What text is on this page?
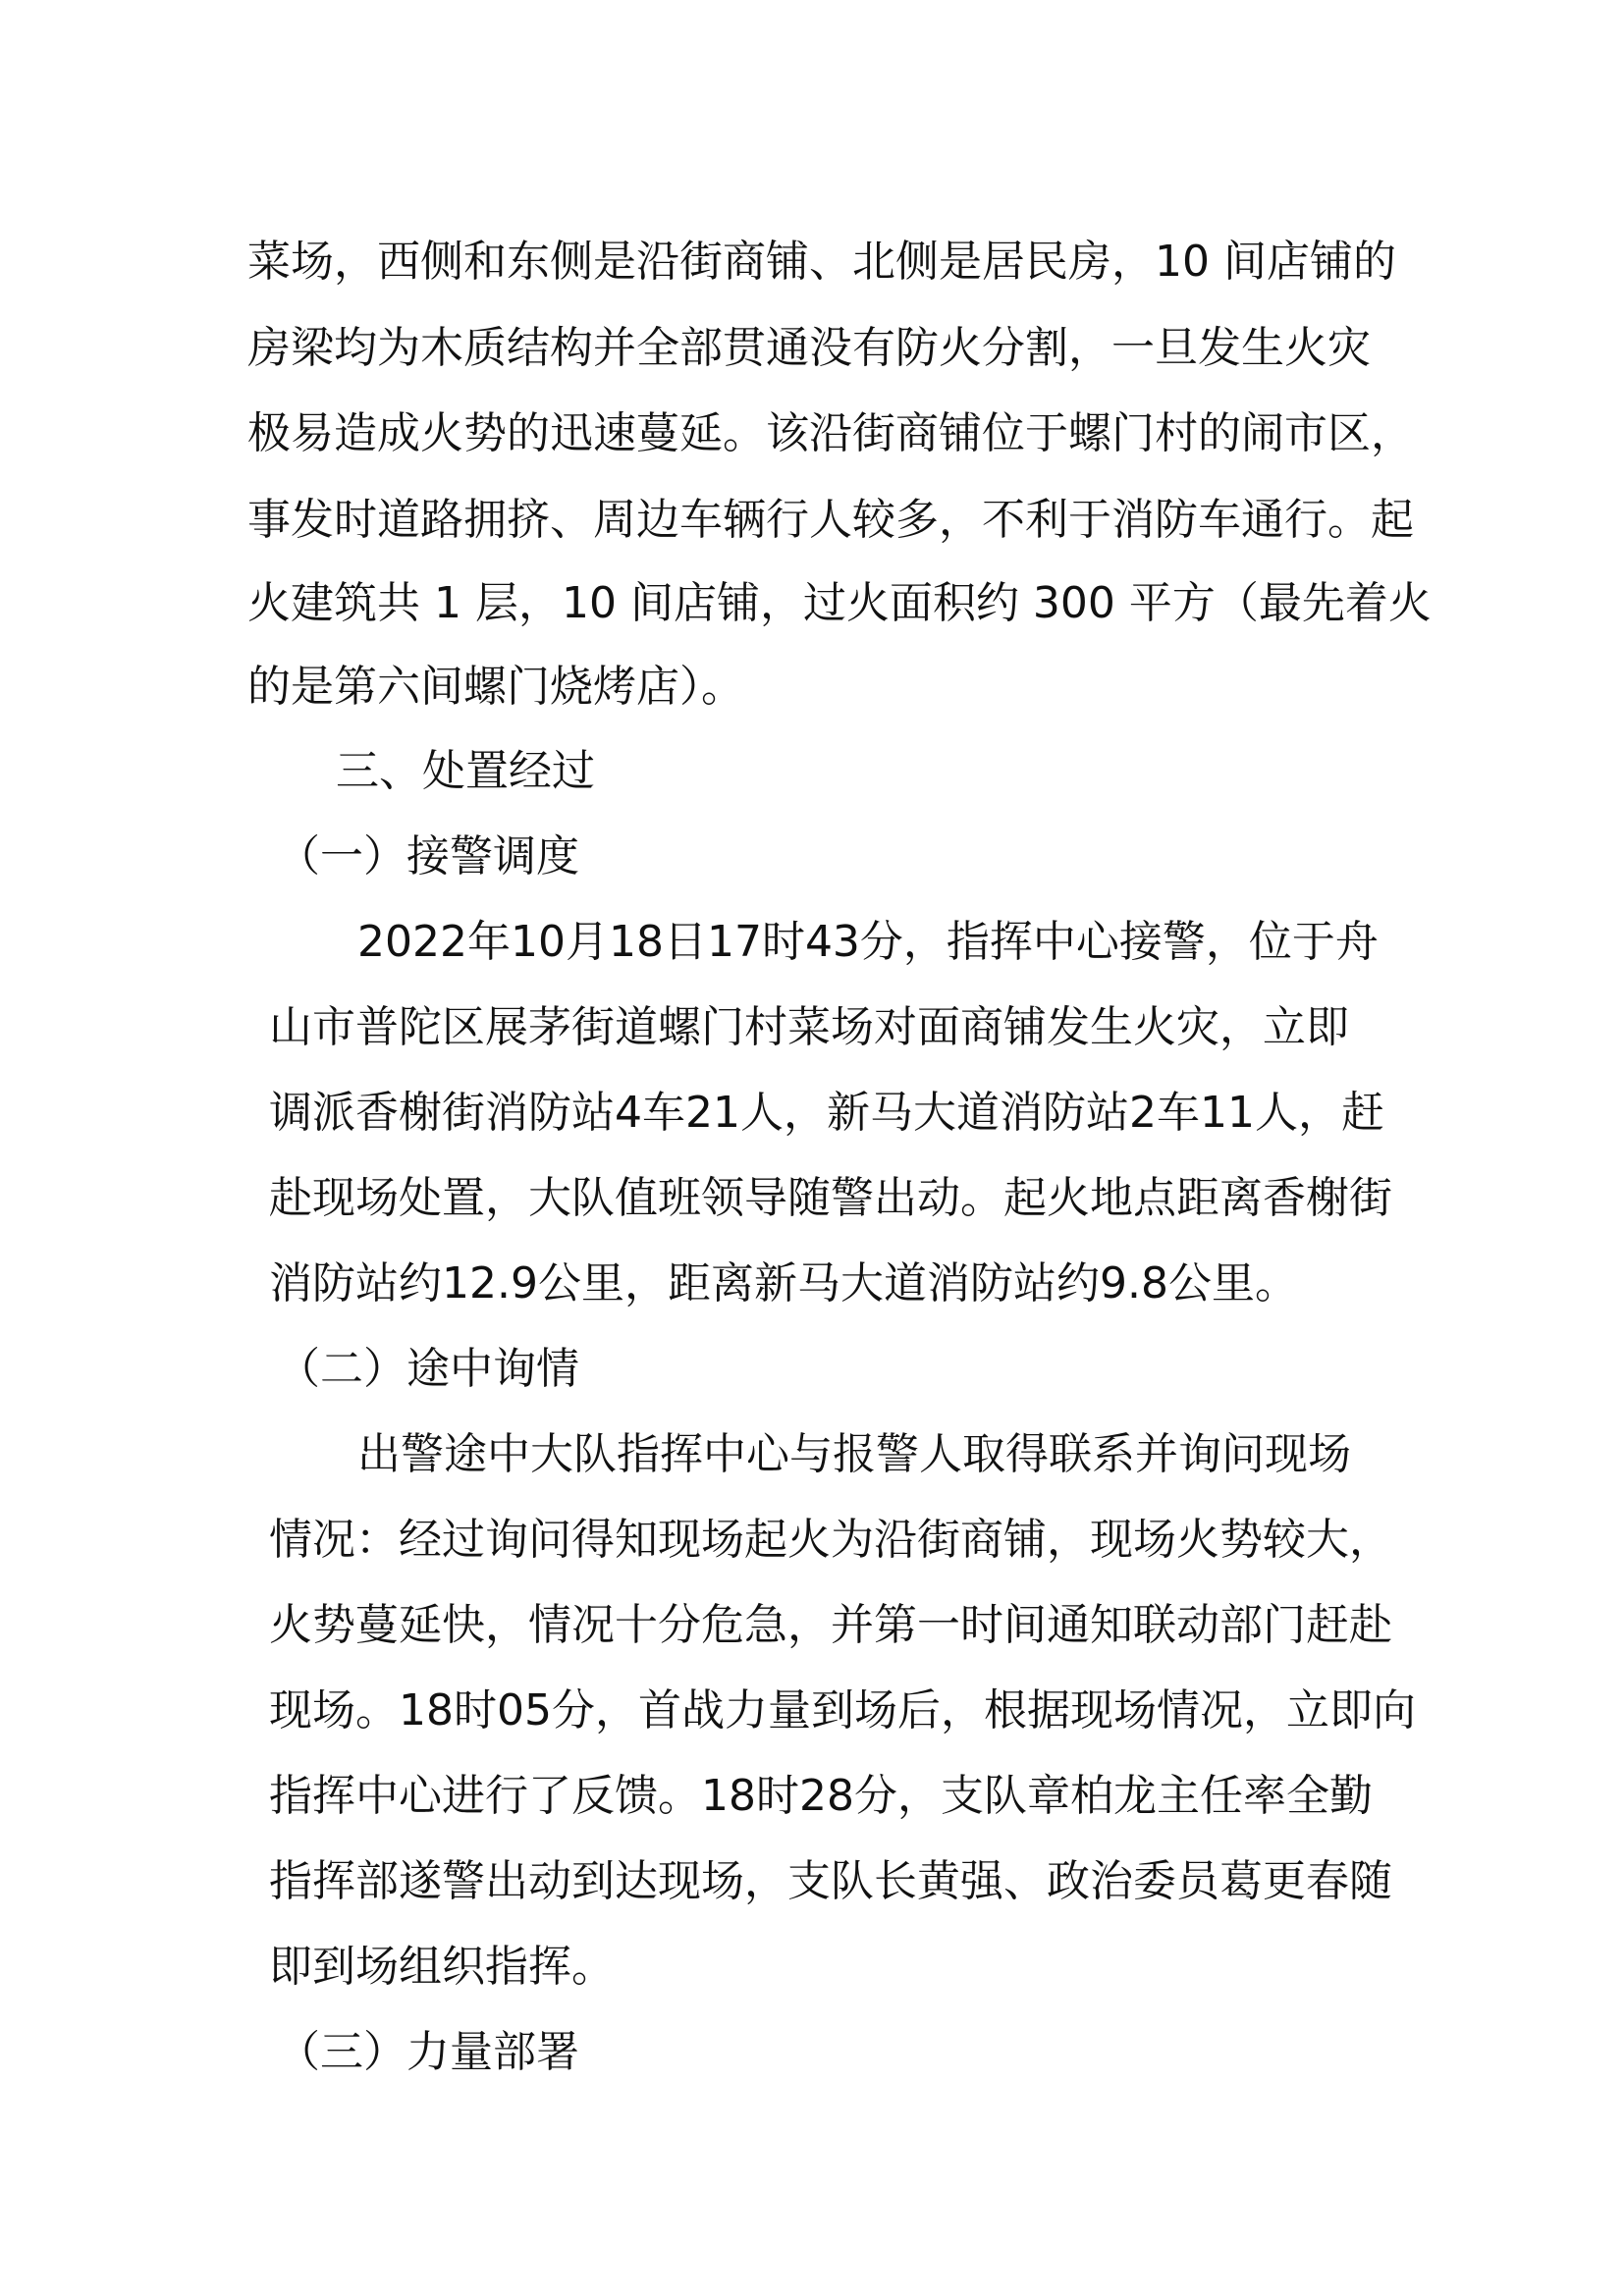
菜场，西侧和东侧是沿街商铺、北侧是居民房，10 间店铺的
房梁均为木质结构并全部贯通没有防火分割，一旦发生火灾
极易造成火势的迅速蔓延。该沿街商铺位于螺门村的闹市区，
事发时道路拥挤、周边车辆行人较多，不利于消防车通行。起
火建筑共 1 层，10 间店铺，过火面积约 300 平方（最先着火
的是第六间螺门烧烤店）。
三、处置经过
（一）接警调度
2022年10月18日17时43分，指挥中心接警，位于舟
山市普陀区展茅街道螺门村菜场对面商铺发生火灾，立即
调派香榭街消防站4车21人，新马大道消防站2车11人，赶
赴现场处置，大队值班领导随警出动。起火地点距离香榭街
消防站约12.9公里，距离新马大道消防站约9.8公里。
（二）途中询情
出警途中大队指挥中心与报警人取得联系并询问现场
情况：经过询问得知现场起火为沿街商铺，现场火势较大，
火势蔓延快，情况十分危急，并第一时间通知联动部门赶赴
现场。18时05分，首战力量到场后，根据现场情况，立即向
指挥中心进行了反馈。18时28分，支队章柏龙主任率全勤
指挥部遂警出动到达现场，支队长黄强、政治委员葛更春随
即到场组织指挥。
（三）力量部署
